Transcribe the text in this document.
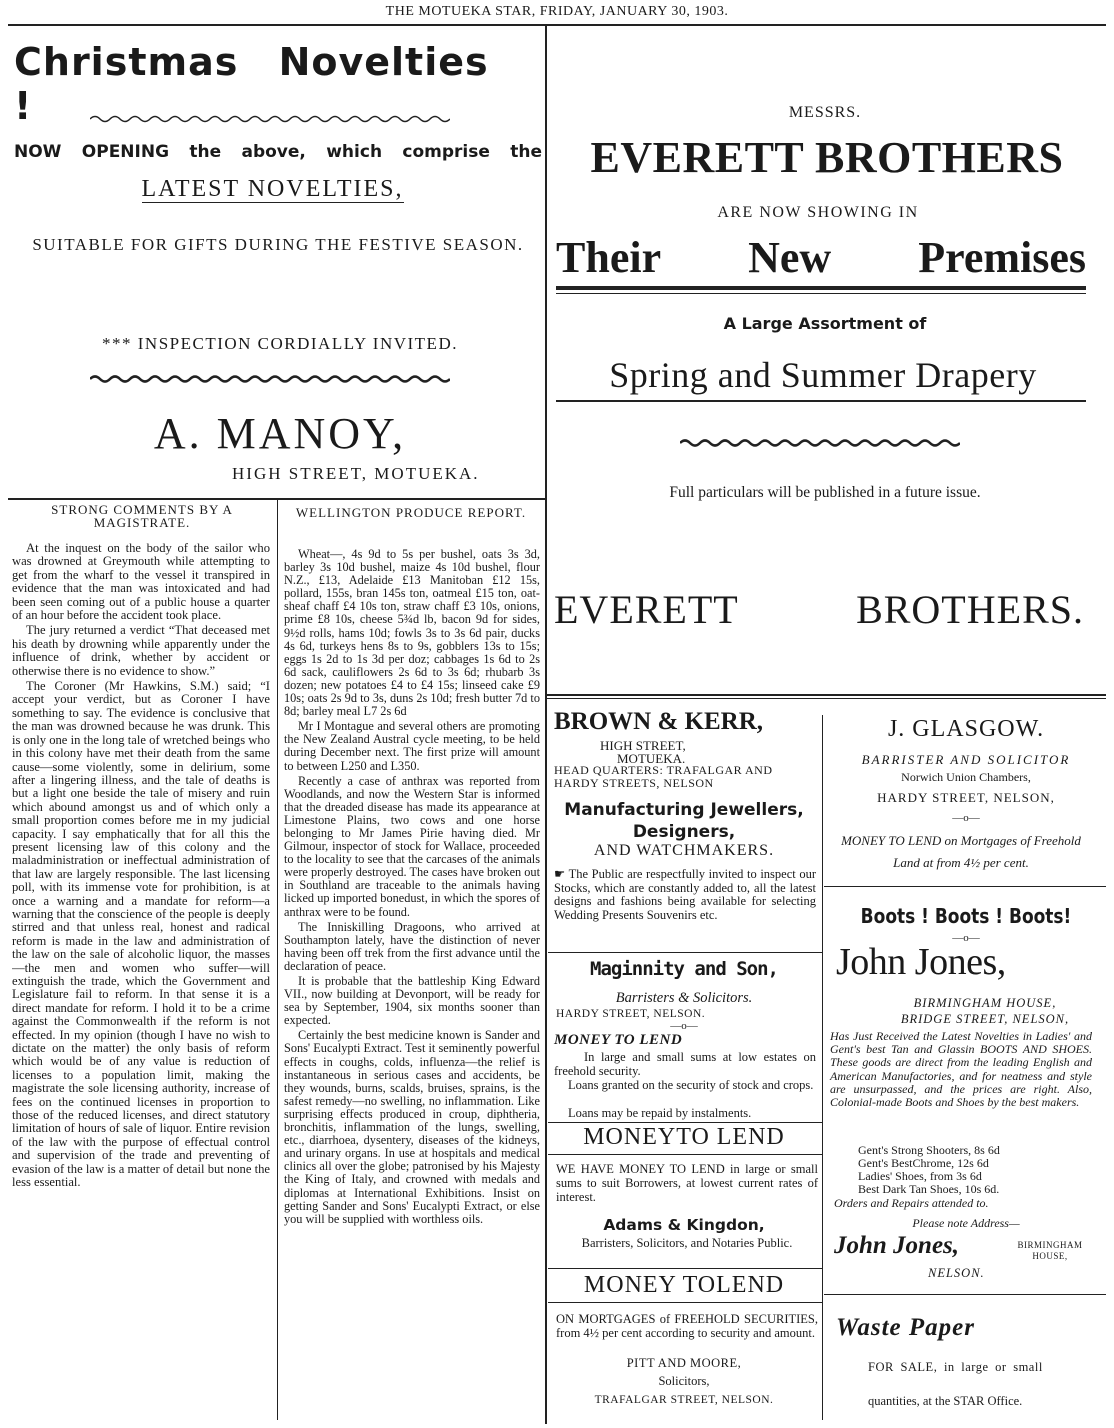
THE MOTUEKA STAR, FRIDAY, JANUARY 30, 1903.
Christmas Novelties !
NOW OPENING the above, which comprise the
LATEST NOVELTIES,
SUITABLE FOR GIFTS DURING THE FESTIVE SEASON.
*** INSPECTION CORDIALLY INVITED.
A. MANOY,
HIGH STREET, MOTUEKA.
MESSRS.
EVERETT BROTHERS
ARE NOW SHOWING IN
Their New Premises
A Large Assortment of
Spring and Summer Drapery
Full particulars will be published in a future issue.
EVERETT	BROTHERS.
STRONG COMMENTS BY A MAGISTRATE.

At the inquest on the body of the sailor who was drowned at Greymouth while attempting to get from the wharf to the vessel it transpired in evidence that the man was intoxicated and had been seen coming out of a public house a quarter of an hour before the accident took place.

The jury returned a verdict “That deceased met his death by drowning while apparently under the influence of drink, whether by accident or otherwise there is no evidence to show.”

The Coroner (Mr Hawkins, S.M.) said; “I accept your verdict, but as Coroner I have something to say. The evidence is conclusive that the man was drowned because he was drunk. This is only one in the long tale of wretched beings who in this colony have met their death from the same cause—some violently, some in delirium, some after a lingering illness, and the tale of deaths is but a light one beside the tale of misery and ruin which abound amongst us and of which only a small proportion comes before me in my judicial capacity. I say emphatically that for all this the present licensing law of this colony and the maladministration or ineffectual administration of that law are largely responsible. The last licensing poll, with its immense vote for prohibition, is at once a warning and a mandate for reform—a warning that the conscience of the people is deeply stirred and that unless real, honest and radical reform is made in the law and administration of the law on the sale of alcoholic liquor, the masses—the men and women who suffer—will extinguish the trade, which the Government and Legislature fail to reform. In that sense it is a direct mandate for reform. I hold it to be a crime against the Commonwealth if the reform is not effected. In my opinion (though I have no wish to dictate on the matter) the only basis of reform which would be of any value is reduction of licenses to a population limit, making the magistrate the sole licensing authority, increase of fees on the continued licenses in proportion to those of the reduced licenses, and direct statutory limitation of hours of sale of liquor. Entire revision of the law with the purpose of effectual control and supervision of the trade and preventing of evasion of the law is a matter of detail but none the less essential.

WELLINGTON PRODUCE REPORT.

Wheat—, 4s 9d to 5s per bushel, oats 3s 3d, barley 3s 10d bushel, maize 4s 10d bushel, flour N.Z., £13, Adelaide £13 Manitoban £12 15s, pollard, 155s, bran 145s ton, oatmeal £15 ton, oat-sheaf chaff £4 10s ton, straw chaff £3 10s, onions, prime £8 10s, cheese 5¾d lb, bacon 9d for sides, 9½d rolls, hams 10d; fowls 3s to 3s 6d pair, ducks 4s 6d, turkeys hens 8s to 9s, gobblers 13s to 15s; eggs 1s 2d to 1s 3d per doz; cabbages 1s 6d to 2s 6d sack, cauliflowers 2s 6d to 3s 6d; rhubarb 3s dozen; new potatoes £4 to £4 15s; linseed cake £9 10s; oats 2s 9d to 3s, duns 2s 10d; fresh butter 7d to 8d; barley meal L7 2s 6d

Mr I Montague and several others are promoting the New Zealand Austral cycle meeting, to be held during December next. The first prize will amount to between L250 and L350.

Recently a case of anthrax was reported from Woodlands, and now the Western Star is informed that the dreaded disease has made its appearance at Limestone Plains, two cows and one horse belonging to Mr James Pirie having died. Mr Gilmour, inspector of stock for Wallace, proceeded to the locality to see that the carcases of the animals were properly destroyed. The cases have broken out in Southland are traceable to the animals having licked up imported bonedust, in which the spores of anthrax were to be found.

The Inniskilling Dragoons, who arrived at Southampton lately, have the distinction of never having been off trek from the first advance until the declaration of peace.

It is probable that the battleship King Edward VII., now building at Devonport, will be ready for sea by September, 1904, six months sooner than expected.

Certainly the best medicine known is Sander and Sons' Eucalypti Extract. Test it seminently powerful effects in coughs, colds, influenza—the relief is instantaneous in serious cases and accidents, be they wounds, burns, scalds, bruises, sprains, is the safest remedy—no swelling, no inflammation. Like surprising effects produced in croup, diphtheria, bronchitis, inflammation of the lungs, swelling, etc., diarrhoea, dysentery, diseases of the kidneys, and urinary organs. In use at hospitals and medical clinics all over the globe; patronised by his Majesty the King of Italy, and crowned with medals and diplomas at International Exhibitions. Insist on getting Sander and Sons' Eucalypti Extract, or else you will be supplied with worthless oils.

BROWN & KERR,
HIGH STREET,
MOTUEKA.
HEAD QUARTERS: TRAFALGAR AND HARDY STREETS, NELSON
Manufacturing Jewellers,
Designers,
AND WATCHMAKERS.
☛ The Public are respectfully invited to inspect our Stocks, which are constantly added to, all the latest designs and fashions being available for selecting Wedding Presents Souvenirs etc.
Maginnity and Son,
Barristers & Solicitors.
HARDY STREET, NELSON.
—o—
MONEY TO LEND
In large and small sums at low estates on freehold security.
Loans granted on the security of stock and crops.
Loans may be repaid by instalments.
MONEYTO LEND
WE HAVE MONEY TO LEND in large or small sums to suit Borrowers, at lowest current rates of interest.
Adams & Kingdon,
Barristers, Solicitors, and Notaries Public.
MONEY TOLEND
ON MORTGAGES of FREEHOLD SECURITIES, from 4½ per cent according to security and amount.
PITT AND MOORE,
Solicitors,
TRAFALGAR STREET, NELSON.
J. GLASGOW.
BARRISTER AND SOLICITOR
Norwich Union Chambers,
HARDY STREET, NELSON,
—o—
MONEY TO LEND on Mortgages of Freehold Land at from 4½ per cent.
Boots ! Boots ! Boots!
—o—
John Jones,
BIRMINGHAM HOUSE,
BRIDGE STREET, NELSON,
Has Just Received the Latest Novelties in Ladies' and Gent's best Tan and Glassin BOOTS AND SHOES. These goods are direct from the leading English and American Manufactories, and for neatness and style are unsurpassed, and the prices are right. Also, Colonial-made Boots and Shoes by the best makers.
Gent's Strong Shooters, 8s 6d
Gent's BestChrome, 12s 6d
Ladies' Shoes, from 3s 6d
Best Dark Tan Shoes, 10s 6d.
Orders and Repairs attended to.
Please note Address—
John Jones,	BIRMINGHAM HOUSE,
NELSON.
Waste Paper
FOR SALE, in large or small
quantities, at the STAR Office.
